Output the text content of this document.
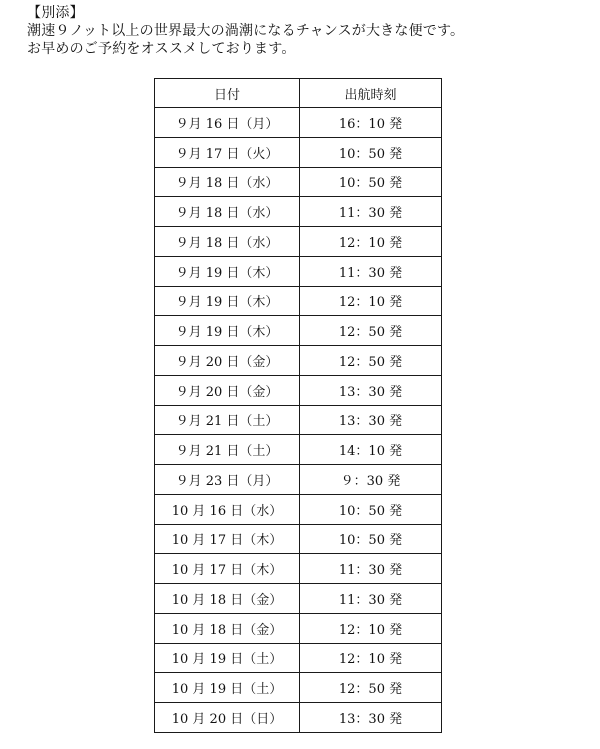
【別添】
潮速９ノット以上の世界最大の渦潮になるチャンスが大きな便です。
お早めのご予約をオススメしております。
日付	出航時刻
９月 16 日（月）	16：10 発
９月 17 日（火）	10：50 発
９月 18 日（水）	10：50 発
９月 18 日（水）	11：30 発
９月 18 日（水）	12：10 発
９月 19 日（木）	11：30 発
９月 19 日（木）	12：10 発
９月 19 日（木）	12：50 発
９月 20 日（金）	12：50 発
９月 20 日（金）	13：30 発
９月 21 日（土）	13：30 発
９月 21 日（土）	14：10 発
９月 23 日（月）	９：30 発
10 月 16 日（水）	10：50 発
10 月 17 日（木）	10：50 発
10 月 17 日（木）	11：30 発
10 月 18 日（金）	11：30 発
10 月 18 日（金）	12：10 発
10 月 19 日（土）	12：10 発
10 月 19 日（土）	12：50 発
10 月 20 日（日）	13：30 発
